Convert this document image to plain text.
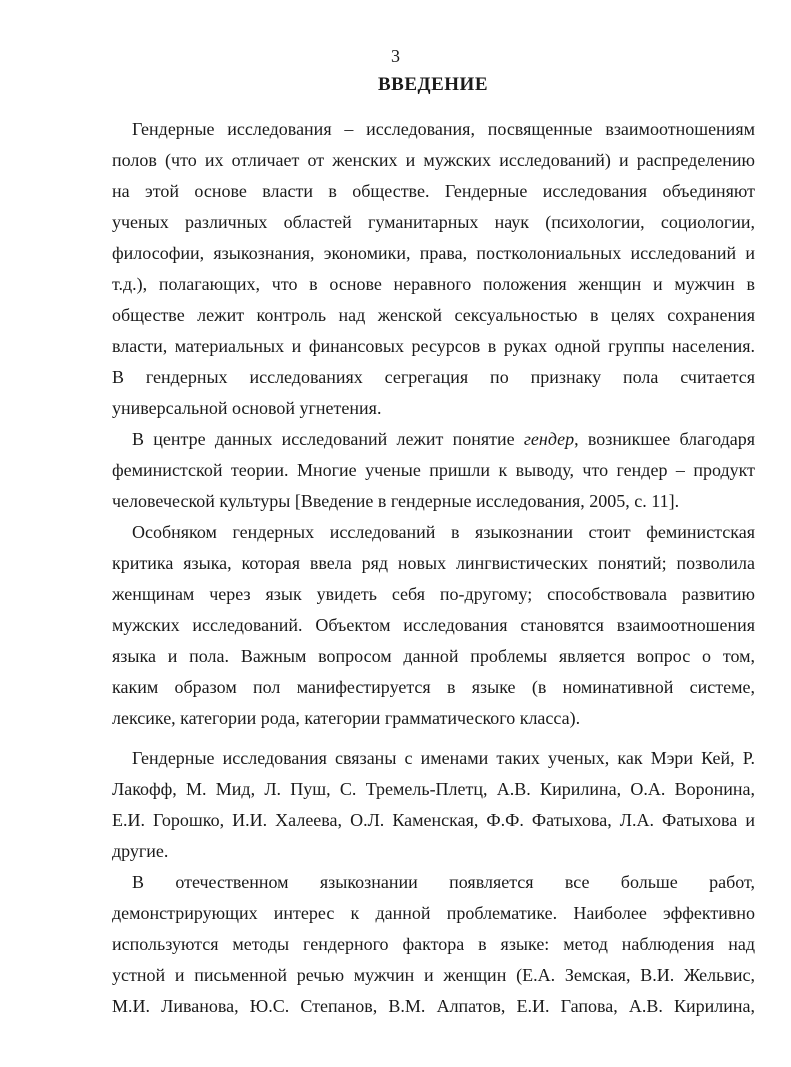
3
ВВЕДЕНИЕ
Гендерные исследования – исследования, посвященные взаимоотношениям
полов (что их отличает от женских и мужских исследований) и распределению
на этой основе власти в обществе. Гендерные исследования объединяют
ученых различных областей гуманитарных наук (психологии, социологии,
философии, языкознания, экономики, права, постколониальных исследований и
т.д.), полагающих, что в основе неравного положения женщин и мужчин в
обществе лежит контроль над женской сексуальностью в целях сохранения
власти, материальных и финансовых ресурсов в руках одной группы населения.
В гендерных исследованиях сегрегация по признаку пола считается
универсальной основой угнетения.
В центре данных исследований лежит понятие гендер, возникшее благодаря
феминистской теории. Многие ученые пришли к выводу, что гендер – продукт
человеческой культуры [Введение в гендерные исследования, 2005, с. 11].
Особняком гендерных исследований в языкознании стоит феминистская
критика языка, которая ввела ряд новых лингвистических понятий; позволила
женщинам через язык увидеть себя по-другому; способствовала развитию
мужских исследований. Объектом исследования становятся взаимоотношения
языка и пола. Важным вопросом данной проблемы является вопрос о том,
каким образом пол манифестируется в языке (в номинативной системе,
лексике, категории рода, категории грамматического класса).
Гендерные исследования связаны с именами таких ученых, как Мэри Кей, Р.
Лакофф, М. Мид, Л. Пуш, С. Тремель-Плетц, А.В. Кирилина, О.А. Воронина,
Е.И. Горошко, И.И. Халеева, О.Л. Каменская, Ф.Ф. Фатыхова, Л.А. Фатыхова и
другие.
В отечественном языкознании появляется все больше работ,
демонстрирующих интерес к данной проблематике. Наиболее эффективно
используются методы гендерного фактора в языке: метод наблюдения над
устной и письменной речью мужчин и женщин (Е.А. Земская, В.И. Жельвис,
М.И. Ливанова, Ю.С. Степанов, В.М. Алпатов, Е.И. Гапова, А.В. Кирилина,
